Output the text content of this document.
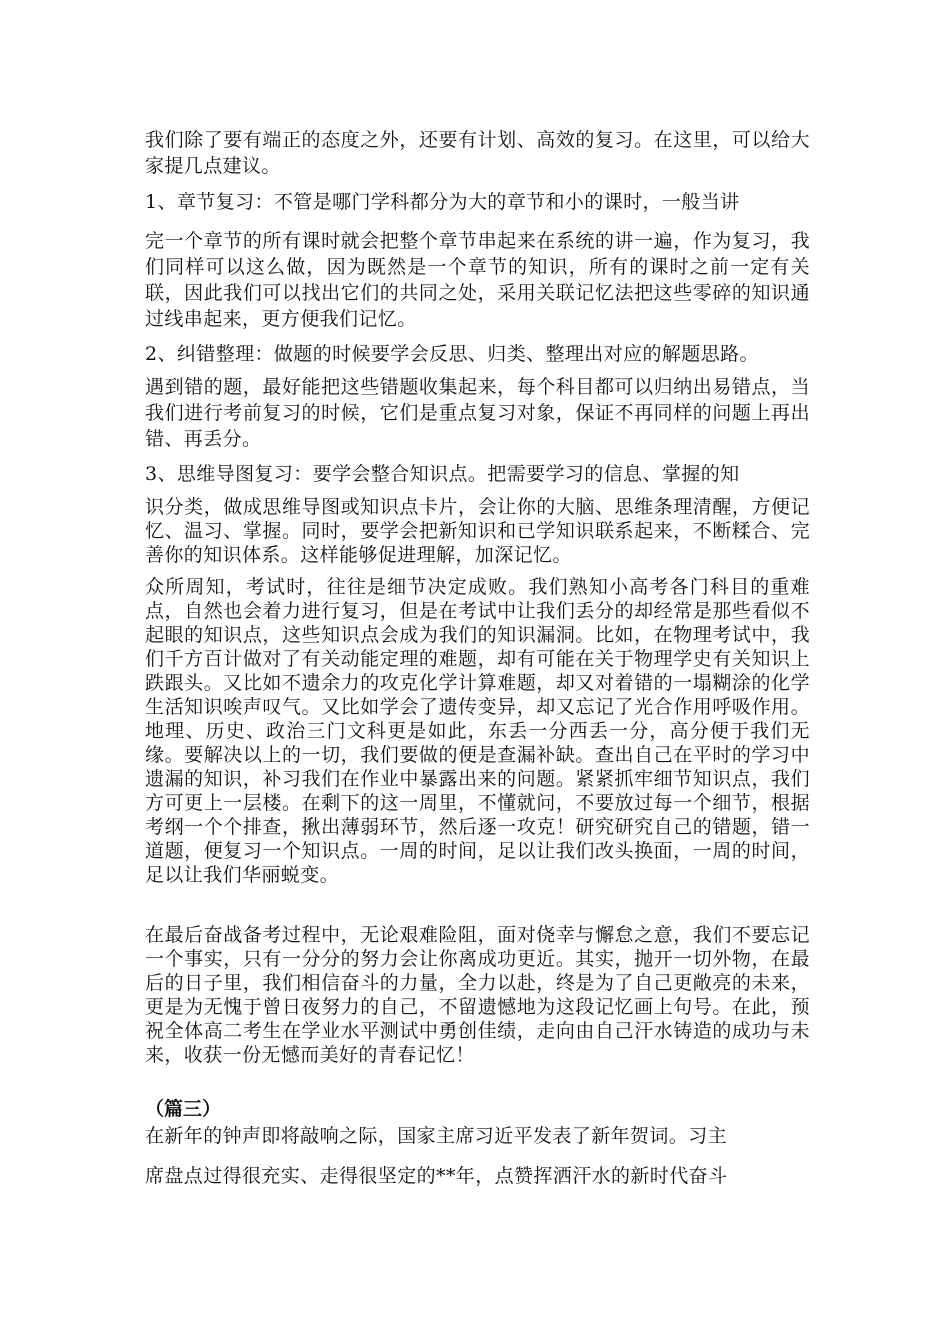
我们除了要有端正的态度之外，还要有计划、高效的复习。在这里，可以给大家提几点建议。

1、章节复习：不管是哪门学科都分为大的章节和小的课时，一般当讲

完一个章节的所有课时就会把整个章节串起来在系统的讲一遍，作为复习，我们同样可以这么做，因为既然是一个章节的知识，所有的课时之前一定有关联，因此我们可以找出它们的共同之处，采用关联记忆法把这些零碎的知识通过线串起来，更方便我们记忆。

2、纠错整理：做题的时候要学会反思、归类、整理出对应的解题思路。

遇到错的题，最好能把这些错题收集起来，每个科目都可以归纳出易错点，当我们进行考前复习的时候，它们是重点复习对象，保证不再同样的问题上再出错、再丢分。

3、思维导图复习：要学会整合知识点。把需要学习的信息、掌握的知

识分类，做成思维导图或知识点卡片，会让你的大脑、思维条理清醒，方便记忆、温习、掌握。同时，要学会把新知识和已学知识联系起来，不断糅合、完善你的知识体系。这样能够促进理解，加深记忆。

众所周知，考试时，往往是细节决定成败。我们熟知小高考各门科目的重难点，自然也会着力进行复习，但是在考试中让我们丢分的却经常是那些看似不起眼的知识点，这些知识点会成为我们的知识漏洞。比如，在物理考试中，我们千方百计做对了有关动能定理的难题，却有可能在关于物理学史有关知识上跌跟头。又比如不遗余力的攻克化学计算难题，却又对着错的一塌糊涂的化学生活知识唉声叹气。又比如学会了遗传变异，却又忘记了光合作用呼吸作用。地理、历史、政治三门文科更是如此，东丢一分西丢一分，高分便于我们无缘。要解决以上的一切，我们要做的便是查漏补缺。查出自己在平时的学习中遗漏的知识，补习我们在作业中暴露出来的问题。紧紧抓牢细节知识点，我们方可更上一层楼。在剩下的这一周里，不懂就问，不要放过每一个细节，根据考纲一个个排查，揪出薄弱环节，然后逐一攻克！研究研究自己的错题，错一道题，便复习一个知识点。一周的时间，足以让我们改头换面，一周的时间，足以让我们华丽蜕变。

在最后奋战备考过程中，无论艰难险阻，面对侥幸与懈怠之意，我们不要忘记一个事实，只有一分分的努力会让你离成功更近。其实，抛开一切外物，在最后的日子里，我们相信奋斗的力量，全力以赴，终是为了自己更敞亮的未来，更是为无愧于曾日夜努力的自己，不留遗憾地为这段记忆画上句号。在此，预祝全体高二考生在学业水平测试中勇创佳绩，走向由自己汗水铸造的成功与未来，收获一份无憾而美好的青春记忆！

（篇三）

在新年的钟声即将敲响之际，国家主席习近平发表了新年贺词。习主

席盘点过得很充实、走得很坚定的**年，点赞挥洒汗水的新时代奋斗
